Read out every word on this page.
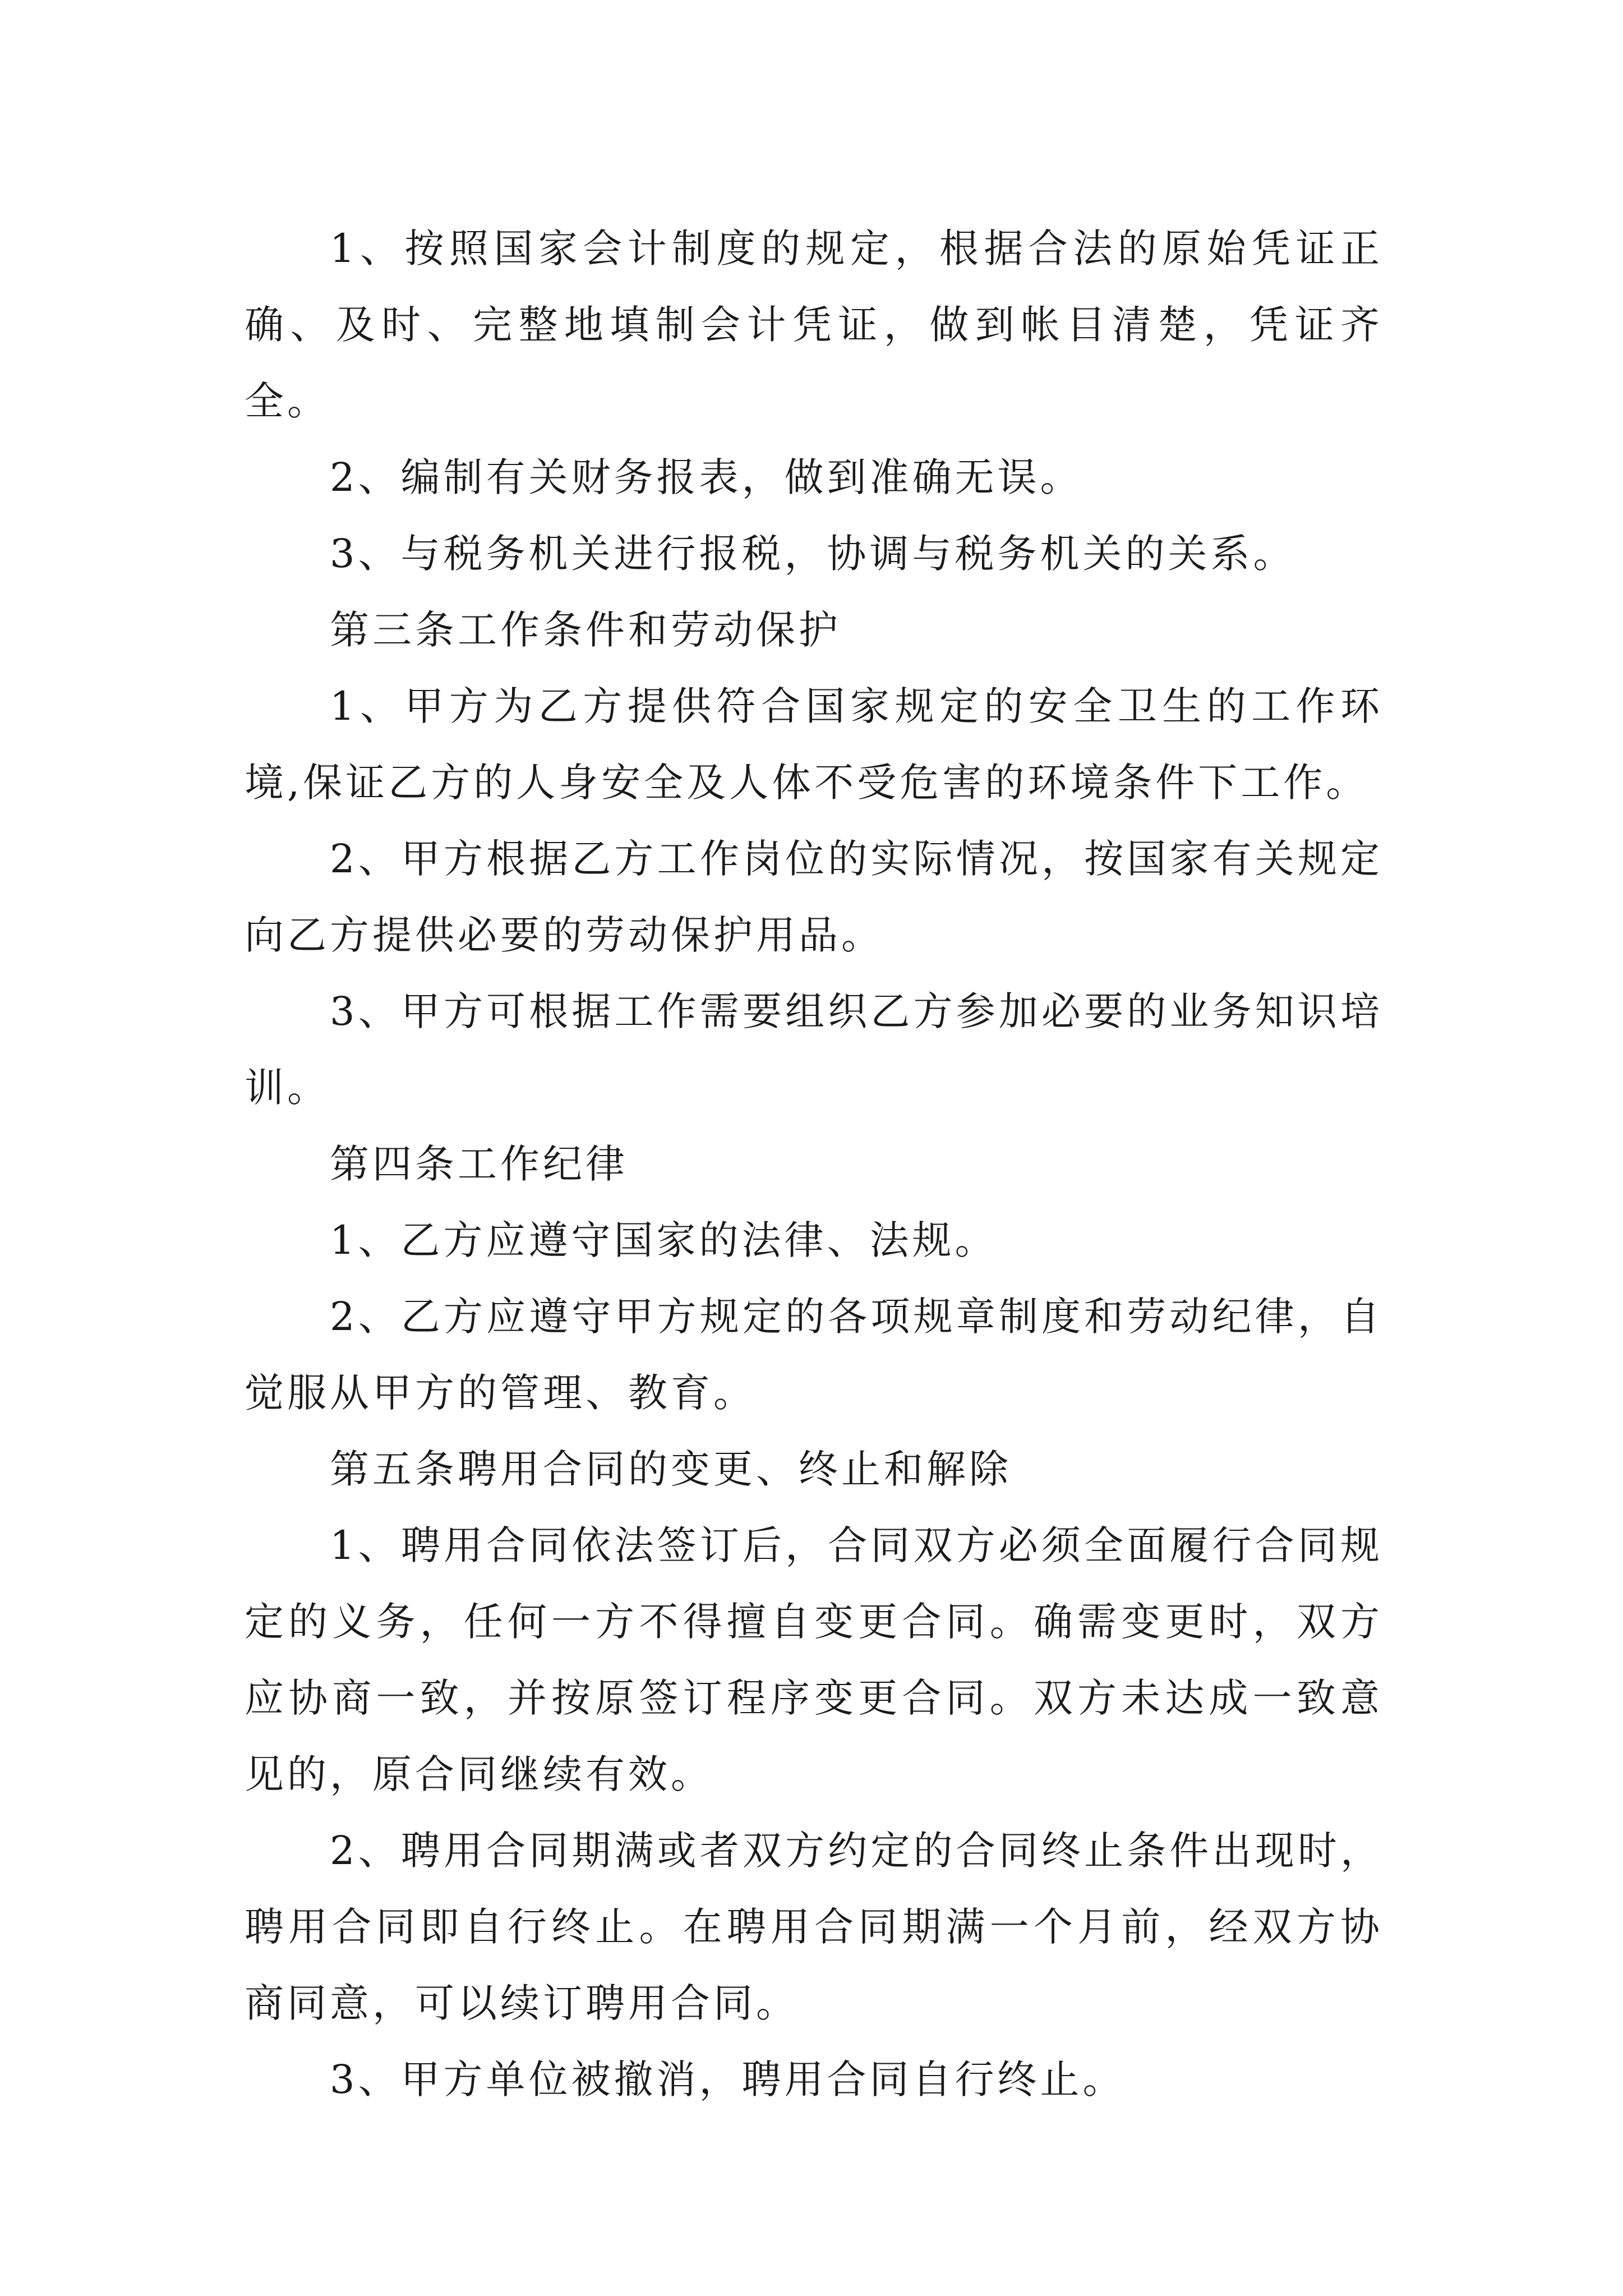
1、按照国家会计制度的规定，根据合法的原始凭证正确、及时、完整地填制会计凭证，做到帐目清楚，凭证齐全。

2、编制有关财务报表，做到准确无误。

3、与税务机关进行报税，协调与税务机关的关系。

第三条工作条件和劳动保护

1、甲方为乙方提供符合国家规定的安全卫生的工作环境,保证乙方的人身安全及人体不受危害的环境条件下工作。

2、甲方根据乙方工作岗位的实际情况，按国家有关规定向乙方提供必要的劳动保护用品。

3、甲方可根据工作需要组织乙方参加必要的业务知识培训。

第四条工作纪律

1、乙方应遵守国家的法律、法规。

2、乙方应遵守甲方规定的各项规章制度和劳动纪律，自觉服从甲方的管理、教育。

第五条聘用合同的变更、终止和解除

1、聘用合同依法签订后，合同双方必须全面履行合同规定的义务，任何一方不得擅自变更合同。确需变更时，双方应协商一致，并按原签订程序变更合同。双方未达成一致意见的，原合同继续有效。

2、聘用合同期满或者双方约定的合同终止条件出现时，聘用合同即自行终止。在聘用合同期满一个月前，经双方协商同意，可以续订聘用合同。

3、甲方单位被撤消，聘用合同自行终止。
